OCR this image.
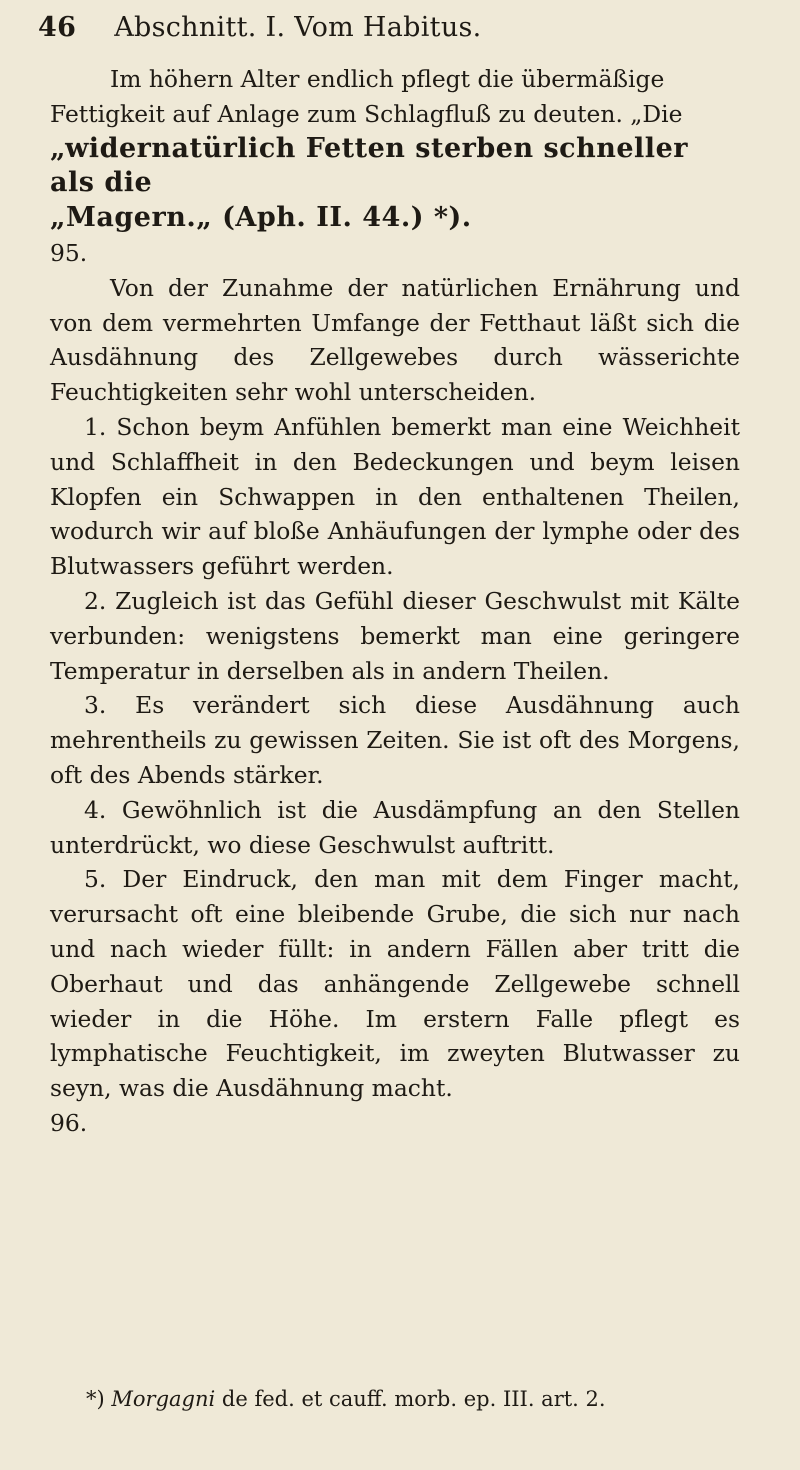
46 Abschnitt. I. Vom Habitus.

Im höhern Alter endlich pflegt die übermäßige

Fettigkeit auf Anlage zum Schlagfluß zu deuten. „Die

„widernatürlich Fetten sterben schneller als die

„Magern.„ (Aph. II. 44.) *).

95.

Von der Zunahme der natürlichen Ernährung und von dem vermehrten Umfange der Fetthaut läßt sich die Ausdähnung des Zellgewebes durch wässerichte Feuchtigkeiten sehr wohl unterscheiden.

1. Schon beym Anfühlen bemerkt man eine Weichheit und Schlaffheit in den Bedeckungen und beym leisen Klopfen ein Schwappen in den enthaltenen Theilen, wodurch wir auf bloße Anhäufungen der lymphe oder des Blutwassers geführt werden.

2. Zugleich ist das Gefühl dieser Geschwulst mit Kälte verbunden: wenigstens bemerkt man eine geringere Temperatur in derselben als in andern Theilen.

3. Es verändert sich diese Ausdähnung auch mehrentheils zu gewissen Zeiten. Sie ist oft des Morgens, oft des Abends stärker.

4. Gewöhnlich ist die Ausdämpfung an den Stellen unterdrückt, wo diese Geschwulst auftritt.

5. Der Eindruck, den man mit dem Finger macht, verursacht oft eine bleibende Grube, die sich nur nach und nach wieder füllt: in andern Fällen aber tritt die Oberhaut und das anhängende Zellgewebe schnell wieder in die Höhe. Im erstern Falle pflegt es lymphatische Feuchtigkeit, im zweyten Blutwasser zu seyn, was die Ausdähnung macht.

96.

*) Morgagni de fed. et cauff. morb. ep. III. art. 2.
